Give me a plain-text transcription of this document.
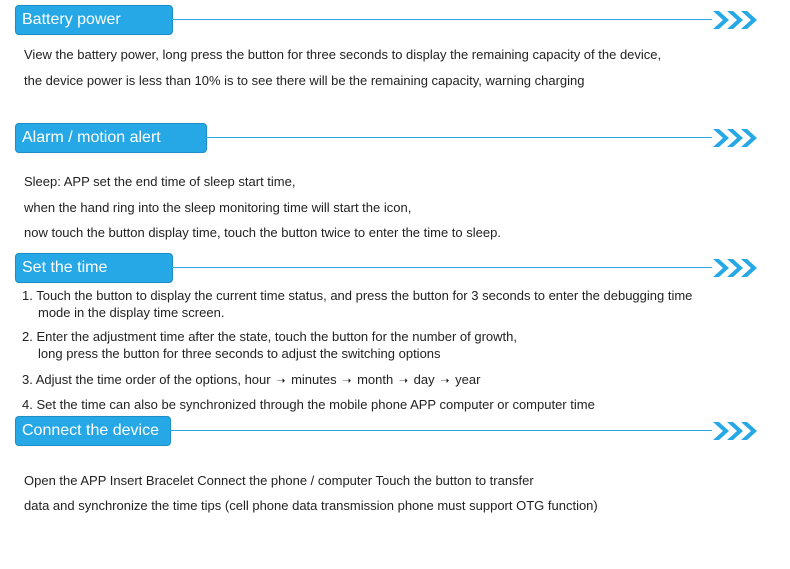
Battery power

View the battery power, long press the button for three seconds to display the remaining capacity of the device,

the device power is less than 10% is to see there will be the remaining capacity, warning charging

Alarm / motion alert

Sleep: APP set the end time of sleep start time,

when the hand ring into the sleep monitoring time will start the icon,

now touch the button display time, touch the button twice to enter the time to sleep.

Set the time
1. Touch the button to display the current time status, and press the button for 3 seconds to enter the debugging time
mode in the display time screen.
2. Enter the adjustment time after the state, touch the button for the number of growth,
long press the button for three seconds to adjust the switching options
3. Adjust the time order of the options, hour ➝ minutes ➝ month ➝ day ➝ year
4. Set the time can also be synchronized through the mobile phone APP computer or computer time
Connect the device

Open the APP Insert Bracelet Connect the phone / computer Touch the button to transfer

data and synchronize the time tips (cell phone data transmission phone must support OTG function)
